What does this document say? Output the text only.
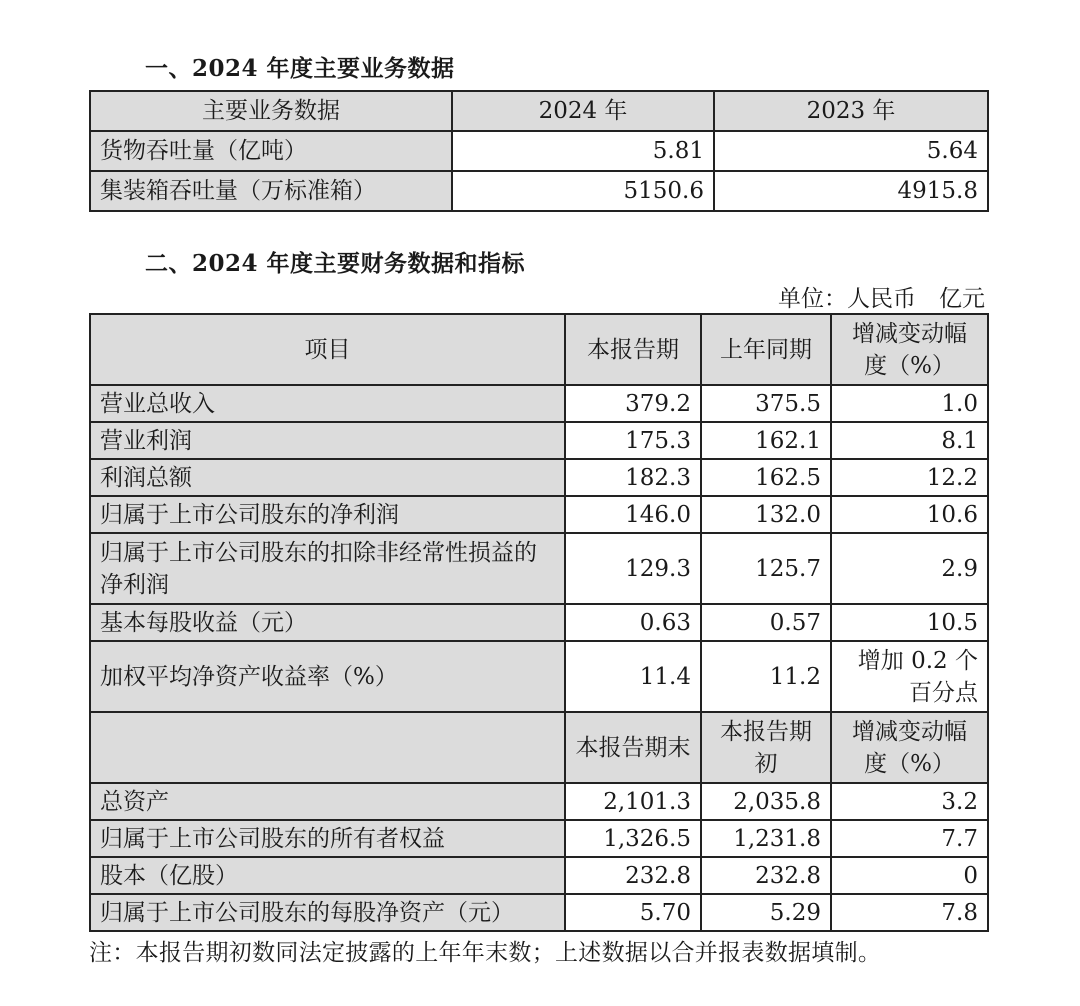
一、2024 年度主要业务数据
主要业务数据	2024 年	2023 年
货物吞吐量（亿吨）	5.81	5.64
集装箱吞吐量（万标准箱）	5150.6	4915.8
二、2024 年度主要财务数据和指标
单位：人民币　亿元
项目	本报告期	上年同期	增减变动幅度（%）
营业总收入	379.2	375.5	1.0
营业利润	175.3	162.1	8.1
利润总额	182.3	162.5	12.2
归属于上市公司股东的净利润	146.0	132.0	10.6
归属于上市公司股东的扣除非经常性损益的净利润	129.3	125.7	2.9
基本每股收益（元）	0.63	0.57	10.5
加权平均净资产收益率（%）	11.4	11.2	增加 0.2 个百分点
	本报告期末	本报告期初	增减变动幅度（%）
总资产	2,101.3	2,035.8	3.2
归属于上市公司股东的所有者权益	1,326.5	1,231.8	7.7
股本（亿股）	232.8	232.8	0
归属于上市公司股东的每股净资产（元）	5.70	5.29	7.8
注：本报告期初数同法定披露的上年年末数；上述数据以合并报表数据填制。
